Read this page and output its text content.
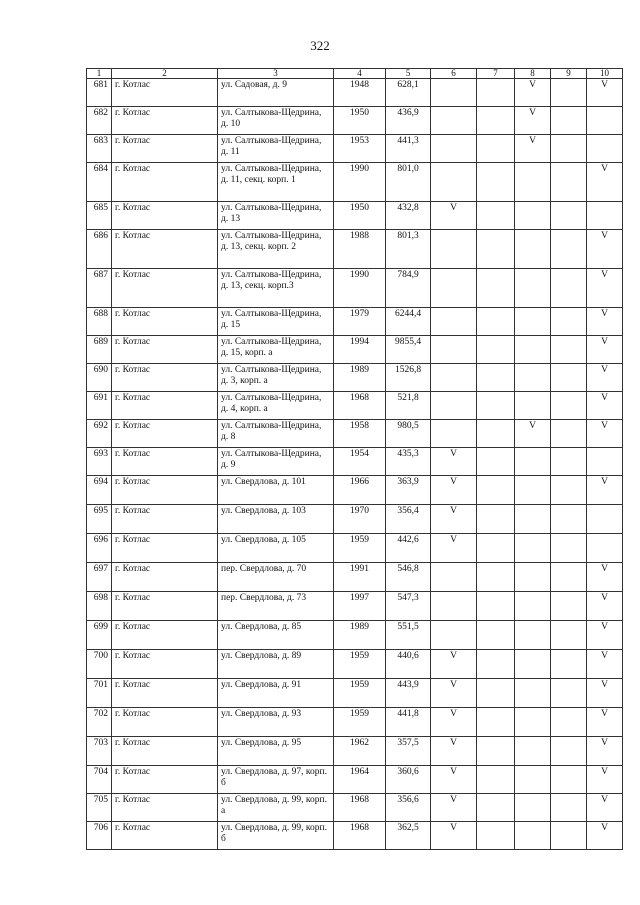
322
1	2	3	4	5	6	7	8	9	10
681	г. Котлас	ул. Садовая, д. 9	1948	628,1			V		V
682	г. Котлас	ул. Салтыкова-Щедрина, д. 10	1950	436,9			V		
683	г. Котлас	ул. Салтыкова-Щедрина, д. 11	1953	441,3			V		
684	г. Котлас	ул. Салтыкова-Щедрина, д. 11, секц. корп. 1	1990	801,0					V
685	г. Котлас	ул. Салтыкова-Щедрина, д. 13	1950	432,8	V				
686	г. Котлас	ул. Салтыкова-Щедрина, д. 13, секц. корп. 2	1988	801,3					V
687	г. Котлас	ул. Салтыкова-Щедрина, д. 13, секц. корп.3	1990	784,9					V
688	г. Котлас	ул. Салтыкова-Щедрина, д. 15	1979	6244,4					V
689	г. Котлас	ул. Салтыкова-Щедрина, д. 15, корп. а	1994	9855,4					V
690	г. Котлас	ул. Салтыкова-Щедрина, д. 3, корп. а	1989	1526,8					V
691	г. Котлас	ул. Салтыкова-Щедрина, д. 4, корп. а	1968	521,8					V
692	г. Котлас	ул. Салтыкова-Щедрина, д. 8	1958	980,5			V		V
693	г. Котлас	ул. Салтыкова-Щедрина, д. 9	1954	435,3	V				
694	г. Котлас	ул. Свердлова, д. 101	1966	363,9	V				V
695	г. Котлас	ул. Свердлова, д. 103	1970	356,4	V				
696	г. Котлас	ул. Свердлова, д. 105	1959	442,6	V				
697	г. Котлас	пер. Свердлова, д. 70	1991	546,8					V
698	г. Котлас	пер. Свердлова, д. 73	1997	547,3					V
699	г. Котлас	ул. Свердлова, д. 85	1989	551,5					V
700	г. Котлас	ул. Свердлова, д. 89	1959	440,6	V				V
701	г. Котлас	ул. Свердлова, д. 91	1959	443,9	V				V
702	г. Котлас	ул. Свердлова, д. 93	1959	441,8	V				V
703	г. Котлас	ул. Свердлова, д. 95	1962	357,5	V				V
704	г. Котлас	ул. Свердлова, д. 97, корп. б	1964	360,6	V				V
705	г. Котлас	ул. Свердлова, д. 99, корп. а	1968	356,6	V				V
706	г. Котлас	ул. Свердлова, д. 99, корп. б	1968	362,5	V				V
